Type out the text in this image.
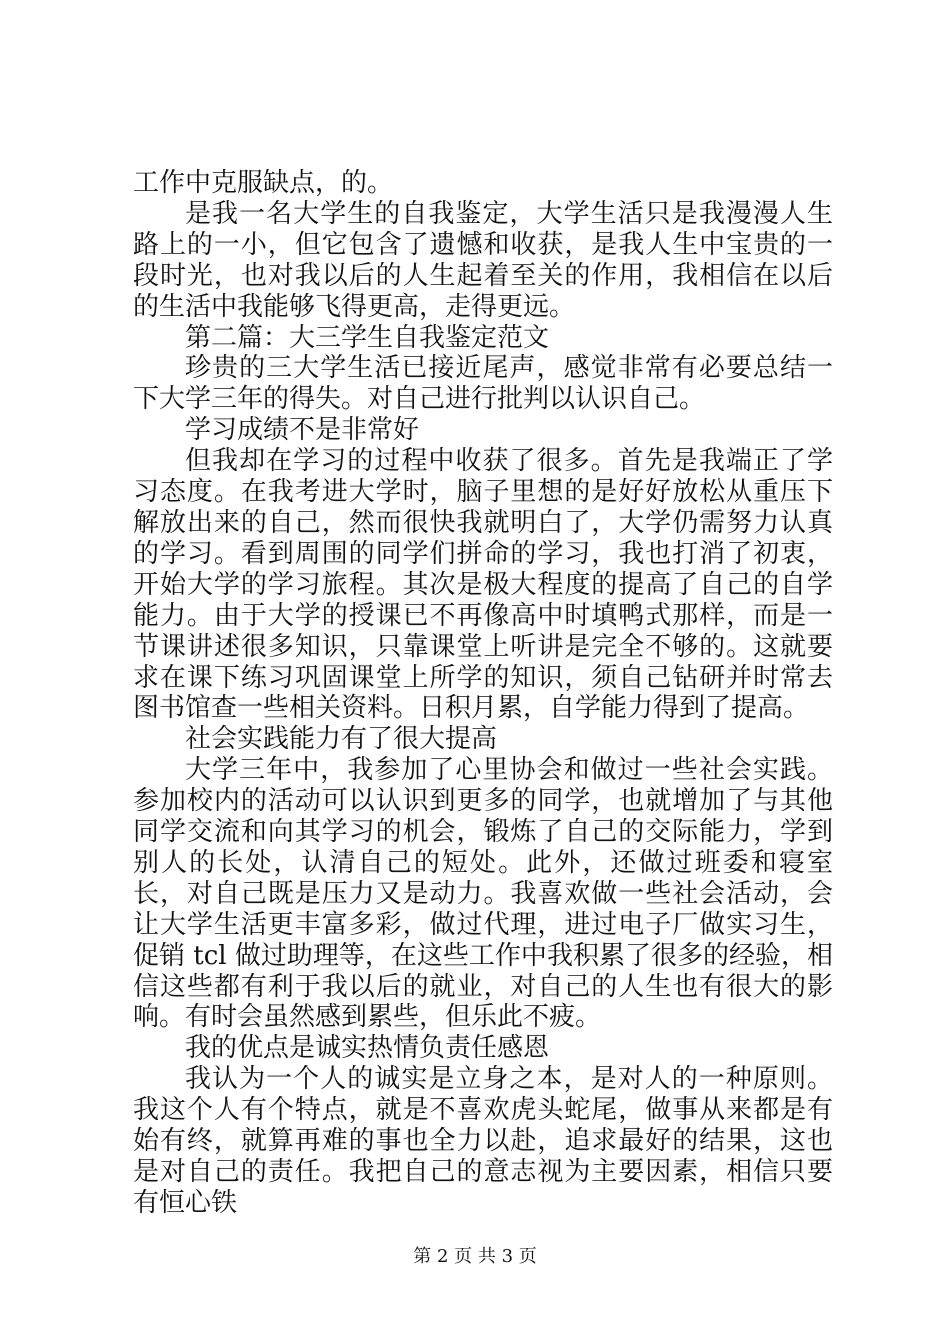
工作中克服缺点，的。

是我一名大学生的自我鉴定，大学生活只是我漫漫人生路上的一小，但它包含了遗憾和收获，是我人生中宝贵的一段时光，也对我以后的人生起着至关的作用，我相信在以后的生活中我能够飞得更高，走得更远。

第二篇：大三学生自我鉴定范文

珍贵的三大学生活已接近尾声，感觉非常有必要总结一下大学三年的得失。对自己进行批判以认识自己。

学习成绩不是非常好

但我却在学习的过程中收获了很多。首先是我端正了学习态度。在我考进大学时，脑子里想的是好好放松从重压下解放出来的自己，然而很快我就明白了，大学仍需努力认真的学习。看到周围的同学们拼命的学习，我也打消了初衷，开始大学的学习旅程。其次是极大程度的提高了自己的自学能力。由于大学的授课已不再像高中时填鸭式那样，而是一节课讲述很多知识，只靠课堂上听讲是完全不够的。这就要求在课下练习巩固课堂上所学的知识，须自己钻研并时常去图书馆查一些相关资料。日积月累，自学能力得到了提高。

社会实践能力有了很大提高

大学三年中，我参加了心里协会和做过一些社会实践。参加校内的活动可以认识到更多的同学，也就增加了与其他同学交流和向其学习的机会，锻炼了自己的交际能力，学到别人的长处，认清自己的短处。此外，还做过班委和寝室长，对自己既是压力又是动力。我喜欢做一些社会活动，会让大学生活更丰富多彩，做过代理，进过电子厂做实习生，促销 tcl 做过助理等，在这些工作中我积累了很多的经验，相信这些都有利于我以后的就业，对自己的人生也有很大的影响。有时会虽然感到累些，但乐此不疲。

我的优点是诚实热情负责任感恩

我认为一个人的诚实是立身之本，是对人的一种原则。我这个人有个特点，就是不喜欢虎头蛇尾，做事从来都是有始有终，就算再难的事也全力以赴，追求最好的结果，这也是对自己的责任。我把自己的意志视为主要因素，相信只要有恒心铁

第 2 页 共 3 页
